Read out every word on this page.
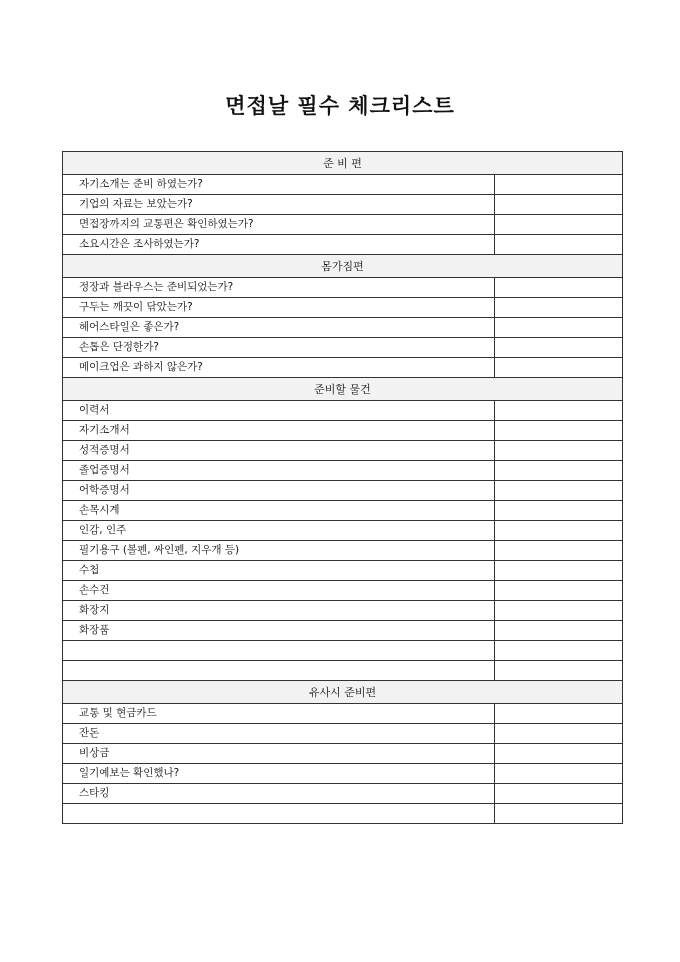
면접날 필수 체크리스트
준 비 편	
자기소개는 준비 하였는가?	
기업의 자료는 보았는가?	
면접장까지의 교통편은 확인하였는가?	
소요시간은 조사하였는가?	
몸가짐편	
정장과 블라우스는 준비되었는가?	
구두는 깨끗이 닦았는가?	
헤어스타일은 좋은가?	
손톱은 단정한가?	
메이크업은 과하지 않은가?	
준비할 물건	
이력서	
자기소개서	
성적증명서	
졸업증명서	
어학증명서	
손목시계	
인감, 인주	
필기용구 (볼펜, 싸인펜, 지우개 등)	
수첩	
손수건	
화장지	
화장품	

유사시 준비편	
교통 및 현금카드	
잔돈	
비상금	
일기예보는 확인했나?	
스타킹	
